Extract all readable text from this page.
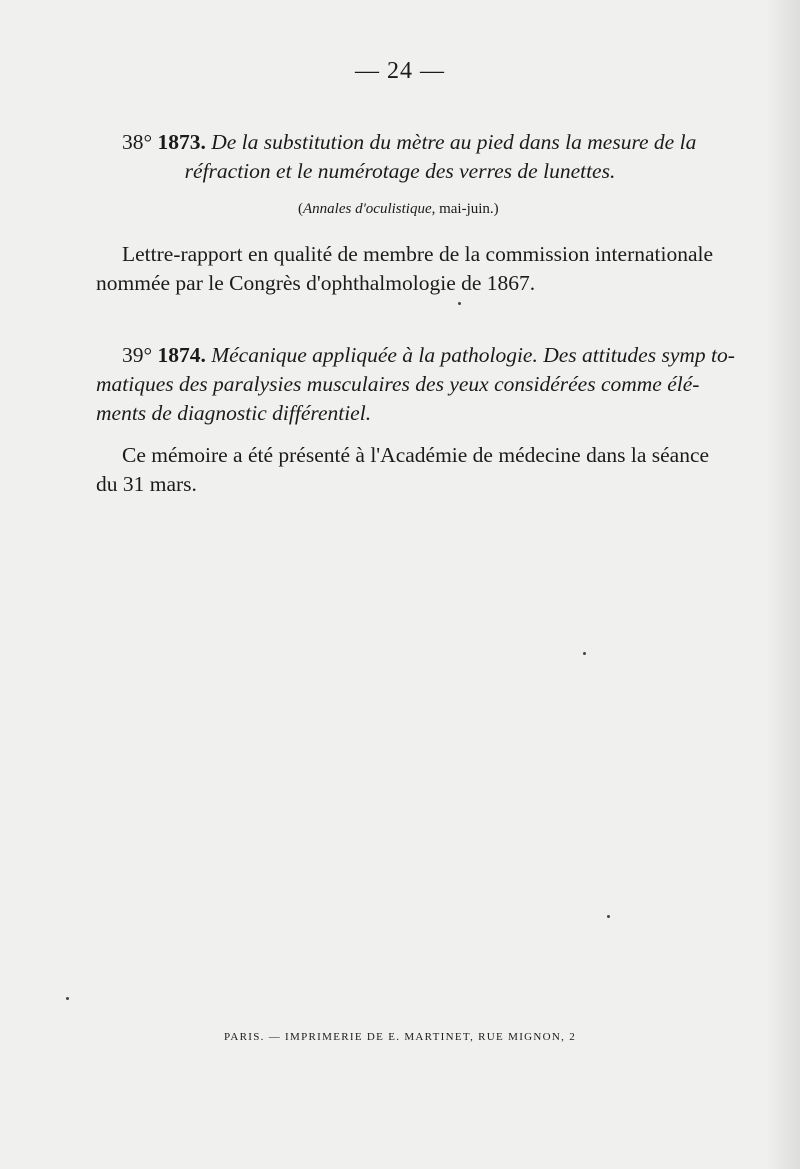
— 24 —
38° 1873. De la substitution du mètre au pied dans la mesure de la
réfraction et le numérotage des verres de lunettes.
(Annales d'oculistique, mai-juin.)
Lettre-rapport en qualité de membre de la commission internationale
nommée par le Congrès d'ophthalmologie de 1867.
39° 1874. Mécanique appliquée à la pathologie. Des attitudes symp to-
matiques des paralysies musculaires des yeux considérées comme élé-
ments de diagnostic différentiel.
Ce mémoire a été présenté à l'Académie de médecine dans la séance
du 31 mars.
PARIS. — IMPRIMERIE DE E. MARTINET, RUE MIGNON, 2
